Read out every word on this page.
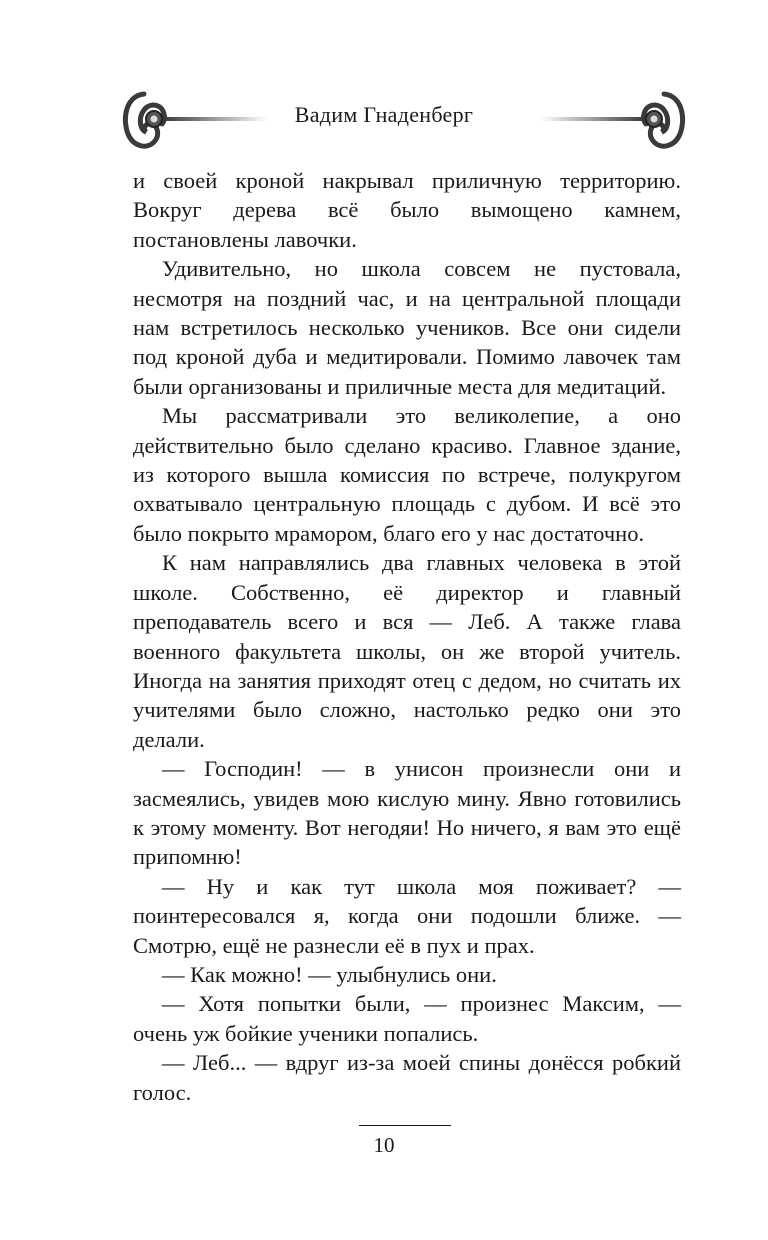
Вадим Гнаденберг

и своей кроной накрывал приличную территорию. Вокруг дерева всё было вымощено камнем, постановлены лавочки.

Удивительно, но школа совсем не пустовала, несмотря на поздний час, и на центральной площади нам встретилось несколько учеников. Все они сидели под кроной дуба и медитировали. Помимо лавочек там были организованы и приличные места для медитаций.

Мы рассматривали это великолепие, а оно действительно было сделано красиво. Главное здание, из которого вышла комиссия по встрече, полукругом охватывало центральную площадь с дубом. И всё это было покрыто мрамором, благо его у нас достаточно.

К нам направлялись два главных человека в этой школе. Собственно, её директор и главный преподаватель всего и вся — Леб. А также глава военного факультета школы, он же второй учитель. Иногда на занятия приходят отец с дедом, но считать их учителями было сложно, настолько редко они это делали.

— Господин! — в унисон произнесли они и засмеялись, увидев мою кислую мину. Явно готовились к этому моменту. Вот негодяи! Но ничего, я вам это ещё припомню!

— Ну и как тут школа моя поживает? — поинтересовался я, когда они подошли ближе. — Смотрю, ещё не разнесли её в пух и прах.

— Как можно! — улыбнулись они.

— Хотя попытки были, — произнес Максим, — очень уж бойкие ученики попались.

— Леб... — вдруг из-за моей спины донёсся робкий голос.

10
